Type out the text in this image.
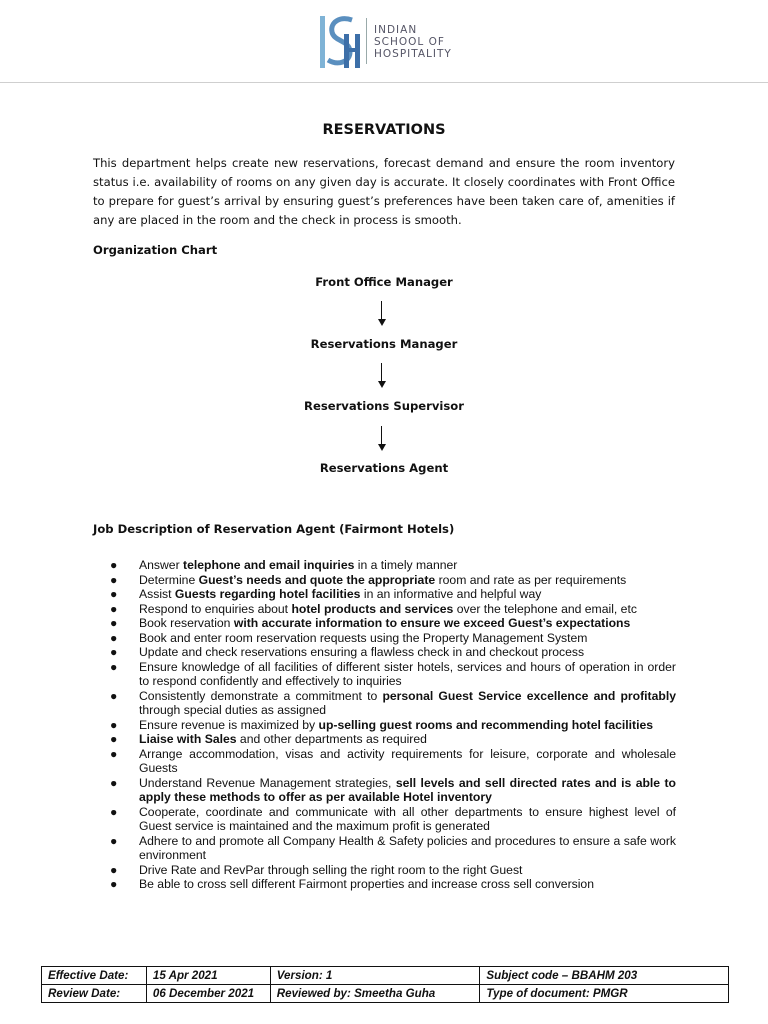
INDIAN
SCHOOL OF
HOSPITALITY
RESERVATIONS
This department helps create new reservations, forecast demand and ensure the room inventory status i.e. availability of rooms on any given day is accurate. It closely coordinates with Front Office to prepare for guest’s arrival by ensuring guest’s preferences have been taken care of, amenities if any are placed in the room and the check in process is smooth.
Organization Chart
Front Office Manager
Reservations Manager
Reservations Supervisor
Reservations Agent
Job Description of Reservation Agent (Fairmont Hotels)
● Answer telephone and email inquiries in a timely manner
● Determine Guest’s needs and quote the appropriate room and rate as per requirements
● Assist Guests regarding hotel facilities in an informative and helpful way
● Respond to enquiries about hotel products and services over the telephone and email, etc
● Book reservation with accurate information to ensure we exceed Guest’s expectations
● Book and enter room reservation requests using the Property Management System
● Update and check reservations ensuring a flawless check in and checkout process
● Ensure knowledge of all facilities of different sister hotels, services and hours of operation in order to respond confidently and effectively to inquiries
● Consistently demonstrate a commitment to personal Guest Service excellence and profitably through special duties as assigned
● Ensure revenue is maximized by up-selling guest rooms and recommending hotel facilities
● Liaise with Sales and other departments as required
● Arrange accommodation, visas and activity requirements for leisure, corporate and wholesale Guests
● Understand Revenue Management strategies, sell levels and sell directed rates and is able to apply these methods to offer as per available Hotel inventory
● Cooperate, coordinate and communicate with all other departments to ensure highest level of Guest service is maintained and the maximum profit is generated
● Adhere to and promote all Company Health & Safety policies and procedures to ensure a safe work environment
● Drive Rate and RevPar through selling the right room to the right Guest
● Be able to cross sell different Fairmont properties and increase cross sell conversion
Effective Date:	15 Apr 2021	Version: 1	Subject code – BBAHM 203
Review Date:	06 December 2021	Reviewed by: Smeetha Guha	Type of document: PMGR
